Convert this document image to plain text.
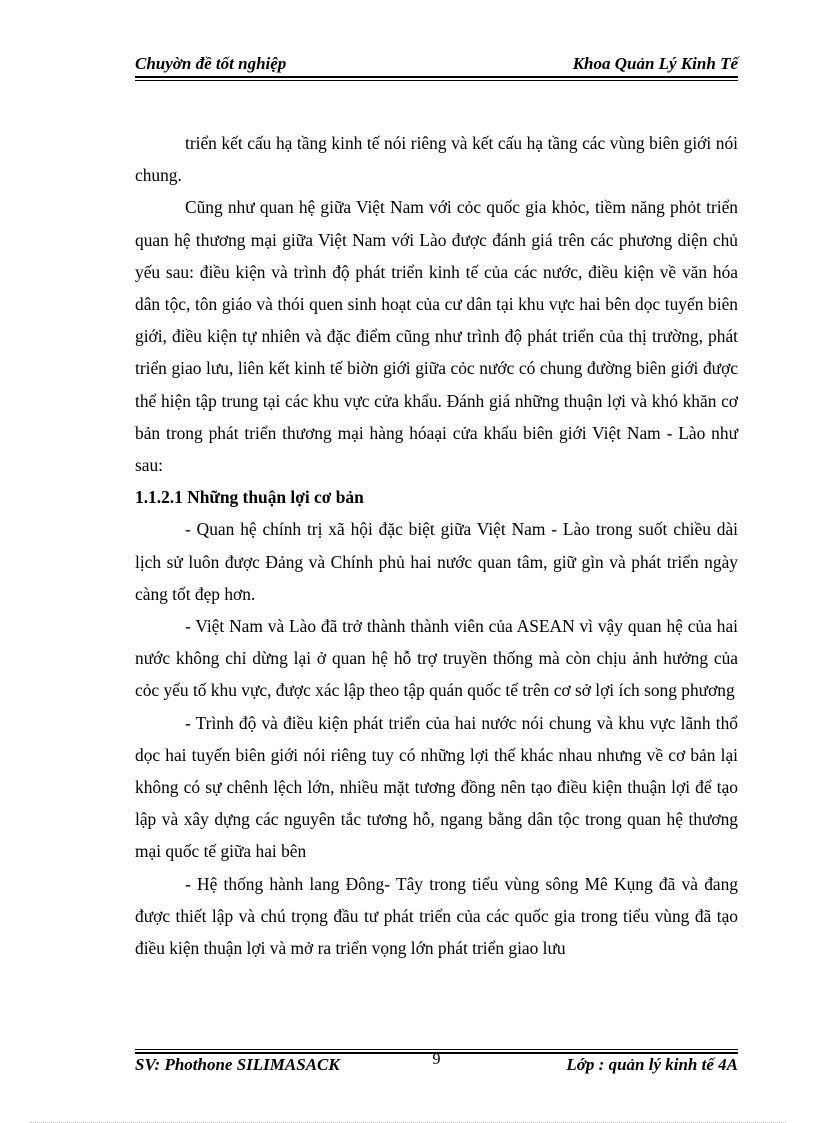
Chuyờn đề tốt nghiệp	Khoa Quản Lý Kinh Tế

triển kết cấu hạ tầng kinh tế nói riêng và kết cấu hạ tầng các vùng biên giới nói chung.

Cũng như quan hệ giữa Việt Nam với cỏc quốc gia khỏc, tiềm năng phỏt triển quan hệ thương mại giữa Việt Nam với Lào được đánh giá trên các phương diện chủ yếu sau: điều kiện và trình độ phát triển kinh tế của các nước, điều kiện về văn hóa dân tộc, tôn giáo và thói quen sinh hoạt của cư dân tại khu vực hai bên dọc tuyến biên giới, điều kiện tự nhiên và đặc điểm cũng như trình độ phát triển của thị trường, phát triển giao lưu, liên kết kinh tế biờn giới giữa cỏc nước có chung đường biên giới được thể hiện tập trung tại các khu vực cửa khẩu. Đánh giá những thuận lợi và khó khăn cơ bản trong phát triển thương mại hàng hóaại cửa khẩu biên giới Việt Nam - Lào như sau:

1.1.2.1 Những thuận lợi cơ bản

- Quan hệ chính trị xã hội đặc biệt giữa Việt Nam - Lào trong suốt chiều dài lịch sử luôn được Đảng và Chính phủ hai nước quan tâm, giữ gìn và phát triển ngày càng tốt đẹp hơn.

- Việt Nam và Lào đã trở thành thành viên của ASEAN vì vậy quan hệ của hai nước không chỉ dừng lại ở quan hệ hỗ trợ truyền thống mà còn chịu ảnh hưởng của cỏc yếu tố khu vực, được xác lập theo tập quán quốc tế trên cơ sở lợi ích song phương

- Trình độ và điều kiện phát triển của hai nước nói chung và khu vực lãnh thổ dọc hai tuyến biên giới nói riêng tuy có những lợi thế khác nhau nhưng về cơ bản lại không có sự chênh lệch lớn, nhiều mặt tương đồng nên tạo điều kiện thuận lợi để tạo lập và xây dựng các nguyên tắc tương hỗ, ngang bằng dân tộc trong quan hệ thương mại quốc tế giữa hai bên

- Hệ thống hành lang Đông- Tây trong tiểu vùng sông Mê Kụng đã và đang được thiết lập và chú trọng đầu tư phát triển của các quốc gia trong tiểu vùng đã tạo điều kiện thuận lợi và mở ra triển vọng lớn phát triển giao lưu

SV: Phothone SILIMASACK	9	Lớp : quản lý kinh tế 4A
